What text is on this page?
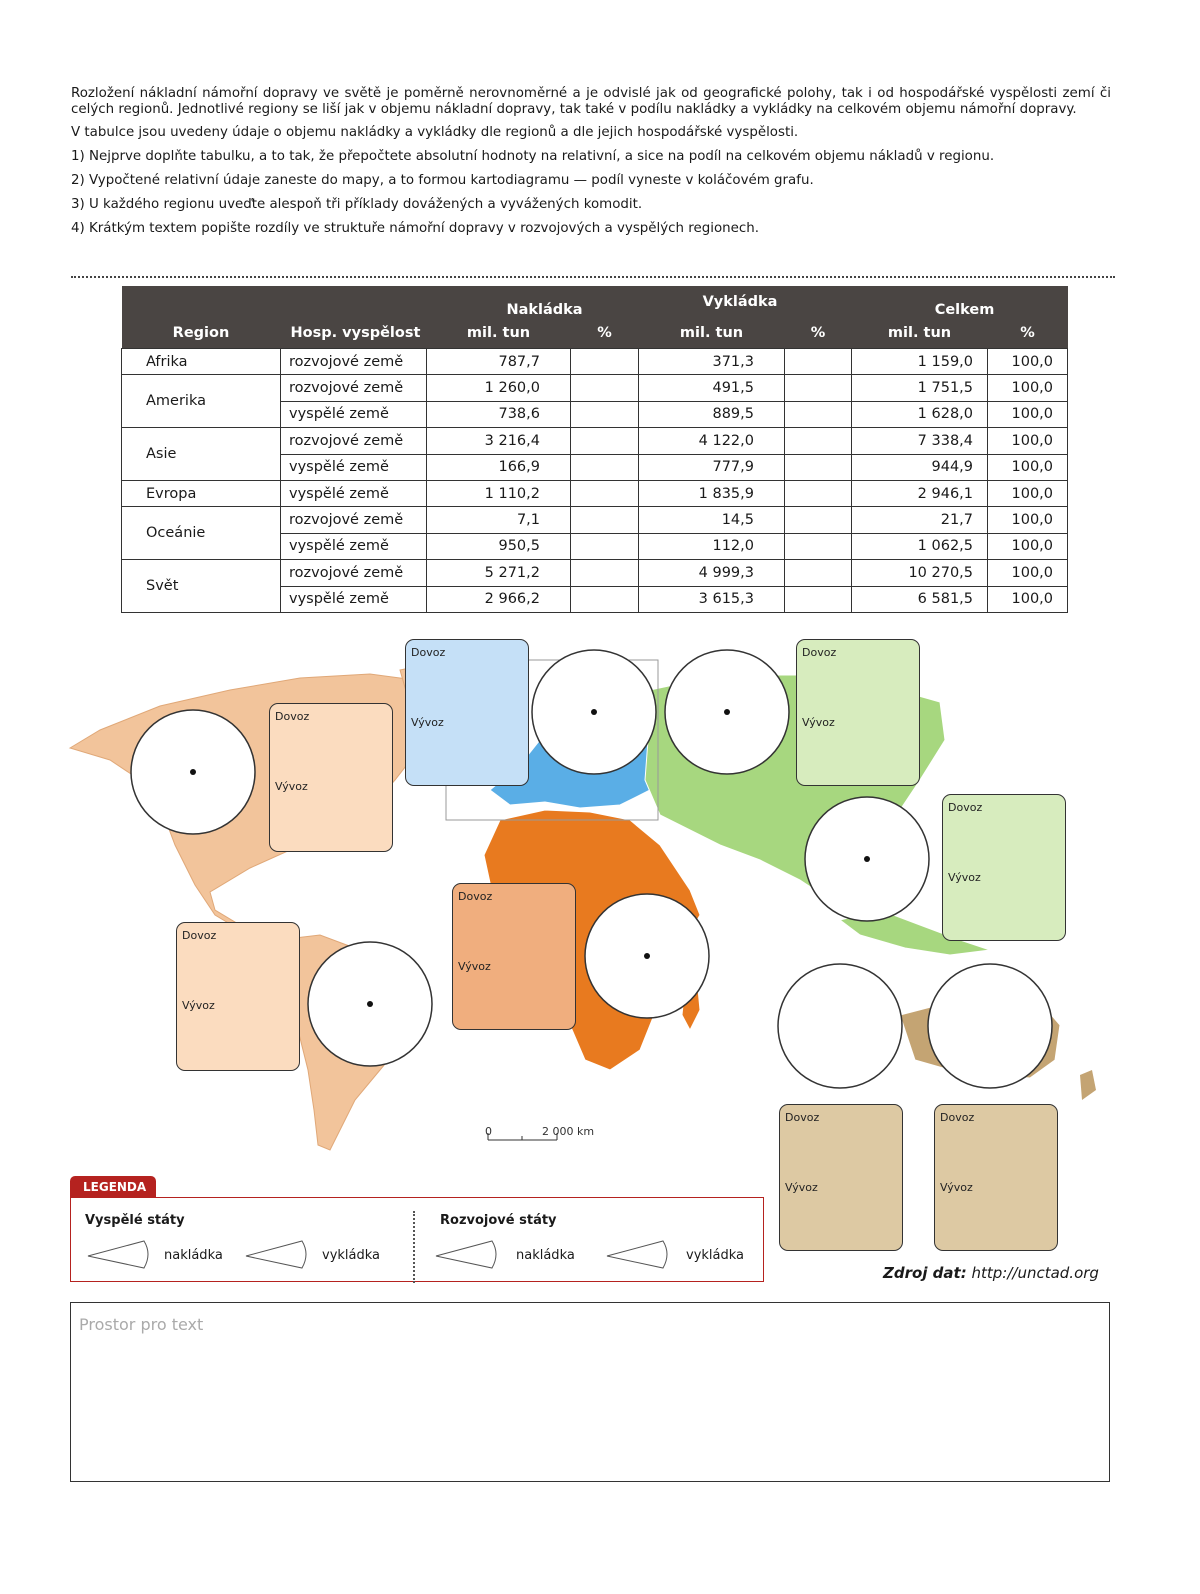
Rozložení nákladní námořní dopravy ve světě je poměrně nerovnoměrné a je odvislé jak od geografické polohy, tak i od hospodářské vyspělosti zemí či celých regionů. Jednotlivé regiony se liší jak v objemu nákladní dopravy, tak také v podílu nakládky a vykládky na celkovém objemu námořní dopravy.

V tabulce jsou uvedeny údaje o objemu nakládky a vykládky dle regionů a dle jejich hospodářské vyspělosti.

1) Nejprve doplňte tabulku, a to tak, že přepočtete absolutní hodnoty na relativní, a sice na podíl na celkovém objemu nákladů v regionu.

2) Vypočtené relativní údaje zaneste do mapy, a to formou kartodiagramu — podíl vyneste v koláčovém grafu.

3) U každého regionu uveďte alespoň tři příklady dovážených a vyvážených komodit.

4) Krátkým textem popište rozdíly ve struktuře námořní dopravy v rozvojových a vyspělých regionech.

		Nakládka		Vykládka		Celkem	
Region	Hosp. vyspělost	mil. tun	%	mil. tun	%	mil. tun	%
Afrika	rozvojové země	787,7		371,3		1 159,0	100,0
Amerika	rozvojové země	1 260,0		491,5		1 751,5	100,0
	vyspělé země	738,6		889,5		1 628,0	100,0
Asie	rozvojové země	3 216,4		4 122,0		7 338,4	100,0
	vyspělé země	166,9		777,9		944,9	100,0
Evropa	vyspělé země	1 110,2		1 835,9		2 946,1	100,0
Oceánie	rozvojové země	7,1		14,5		21,7	100,0
	vyspělé země	950,5		112,0		1 062,5	100,0
Svět	rozvojové země	5 271,2		4 999,3		10 270,5	100,0
	vyspělé země	2 966,2		3 615,3		6 581,5	100,0
0	2 000 km
Dovoz
Vývoz
Dovoz
Vývoz
Dovoz
Vývoz
Dovoz
Vývoz
Dovoz
Vývoz
Dovoz
Vývoz
Dovoz
Vývoz
Dovoz
Vývoz
LEGENDA
Vyspělé státy	Rozvojové státy
nakládka	vykládka	nakládka	vykládka
Zdroj dat: http://unctad.org
Prostor pro text
